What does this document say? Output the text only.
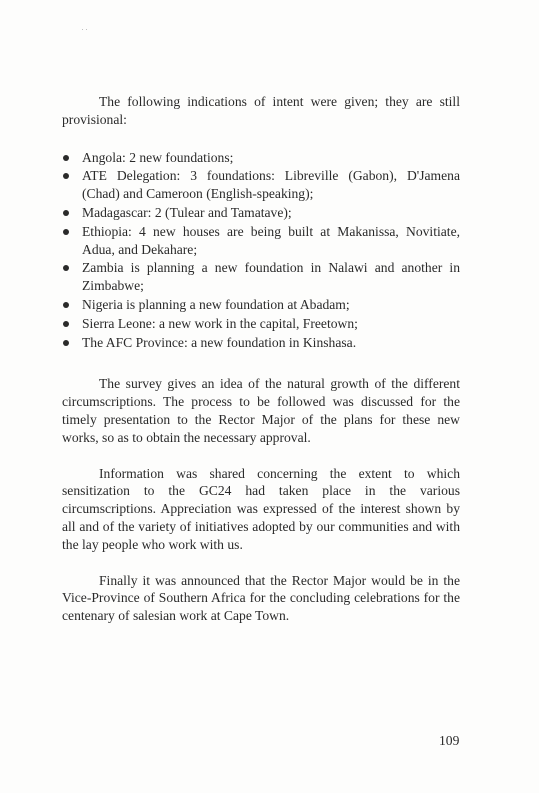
The following indications of intent were given; they are still provisional:

Angola: 2 new foundations;
ATE Delegation: 3 foundations: Libreville (Gabon), D'Jamena (Chad) and Cameroon (English-speaking);
Madagascar: 2 (Tulear and Tamatave);
Ethiopia: 4 new houses are being built at Makanissa, Novitiate, Adua, and Dekahare;
Zambia is planning a new foundation in Nalawi and another in Zimbabwe;
Nigeria is planning a new foundation at Abadam;
Sierra Leone: a new work in the capital, Freetown;
The AFC Province: a new foundation in Kinshasa.

The survey gives an idea of the natural growth of the different circumscriptions. The process to be followed was discussed for the timely presentation to the Rector Major of the plans for these new works, so as to obtain the necessary approval.

Information was shared concerning the extent to which sensitization to the GC24 had taken place in the various circumscriptions. Appreciation was expressed of the interest shown by all and of the variety of initiatives adopted by our communities and with the lay people who work with us.

Finally it was announced that the Rector Major would be in the Vice-Province of Southern Africa for the concluding celebrations for the centenary of salesian work at Cape Town.

109
